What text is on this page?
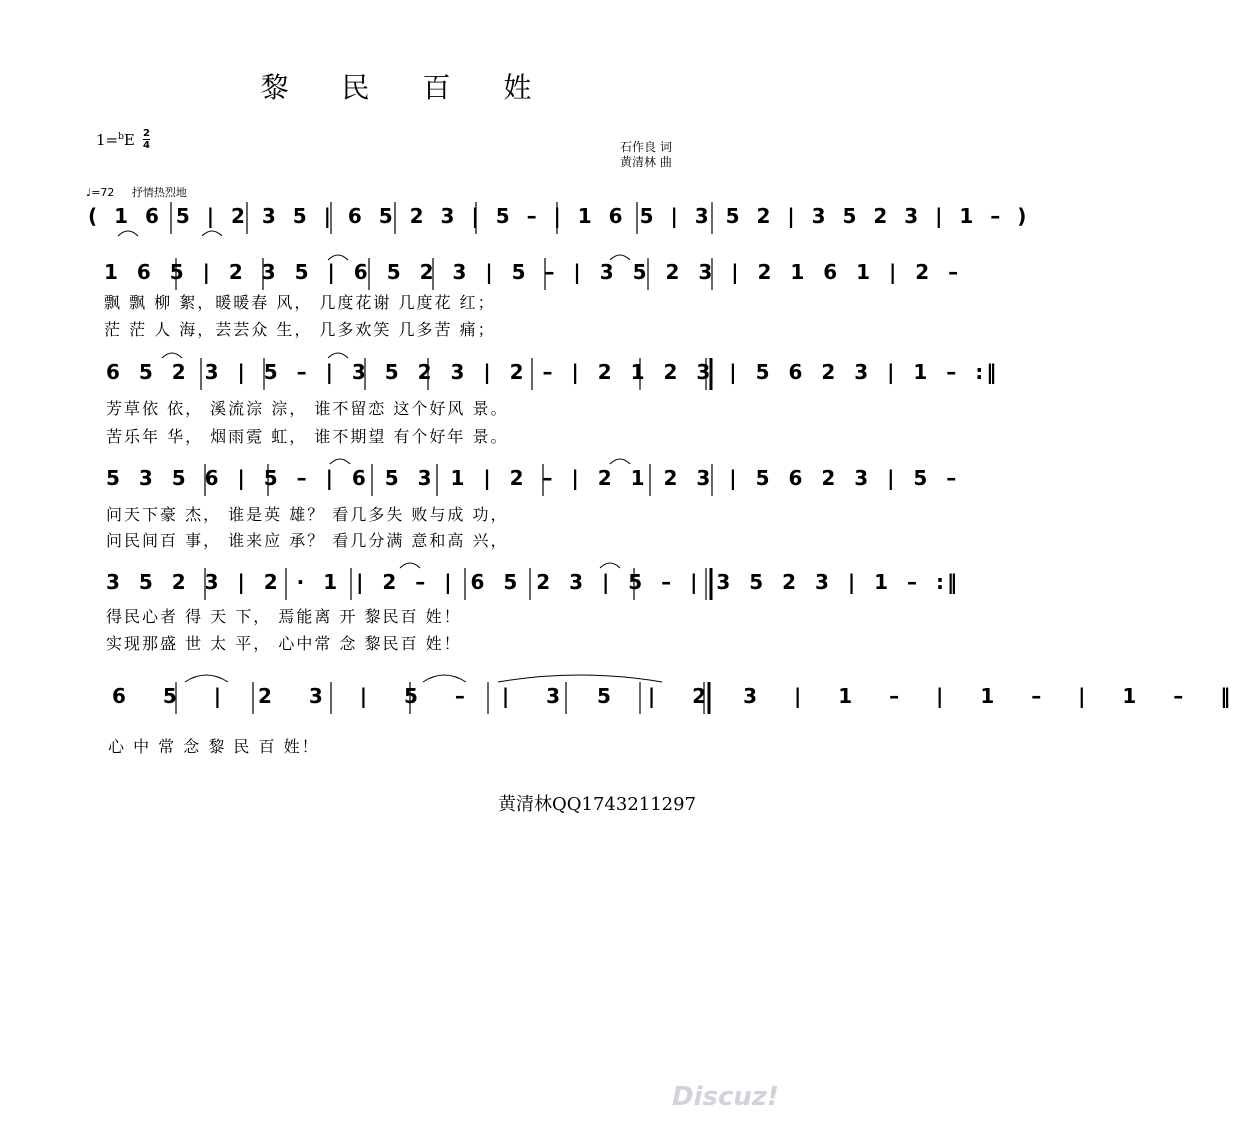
黎 民 百 姓
1=$^b$E 2
4	石作良 词
黄清林 曲
♩=72 抒情热烈地
( 1 6 5 | 2 3 5 | 6 5 2 3 | 5 – | 1 6 5 | 3 5 2 | 3 5 2 3 | 1 – )
1 6 5 | 2 3 5 | 6 5 2 3 | 5 – | 3 5 2 3 | 2 1 6 1 | 2 –
飘 飘 柳 絮，暖暖春 风， 几度花谢 几度花 红；
茫 茫 人 海，芸芸众 生， 几多欢笑 几多苦 痛；
6 5 2 3 | 5 – | 3 5 2 3 | 2 – | 2 1 2 3 | 5 6 2 3 | 1 – :‖
芳草依 依， 溪流淙 淙， 谁不留恋 这个好风 景。
苦乐年 华， 烟雨霓 虹， 谁不期望 有个好年 景。
5 3 5 6 | 5 – | 6 5 3 1 | 2 – | 2 1 2 3 | 5 6 2 3 | 5 –
问天下豪 杰， 谁是英 雄？ 看几多失 败与成 功，
问民间百 事， 谁来应 承？ 看几分满 意和高 兴，
3 5 2 3 | 2 · 1 | 2 – | 6 5 2 3 | 5 – | 3 5 2 3 | 1 – :‖
得民心者 得 天 下， 焉能离 开 黎民百 姓！
实现那盛 世 太 平， 心中常 念 黎民百 姓！
6 5 | 2 3 | 5 – | 3 5 | 2 3 | 1 – | 1 – | 1 – ‖
心 中 常 念 黎 民 百 姓！
黄清林QQ1743211297
Discuz!
